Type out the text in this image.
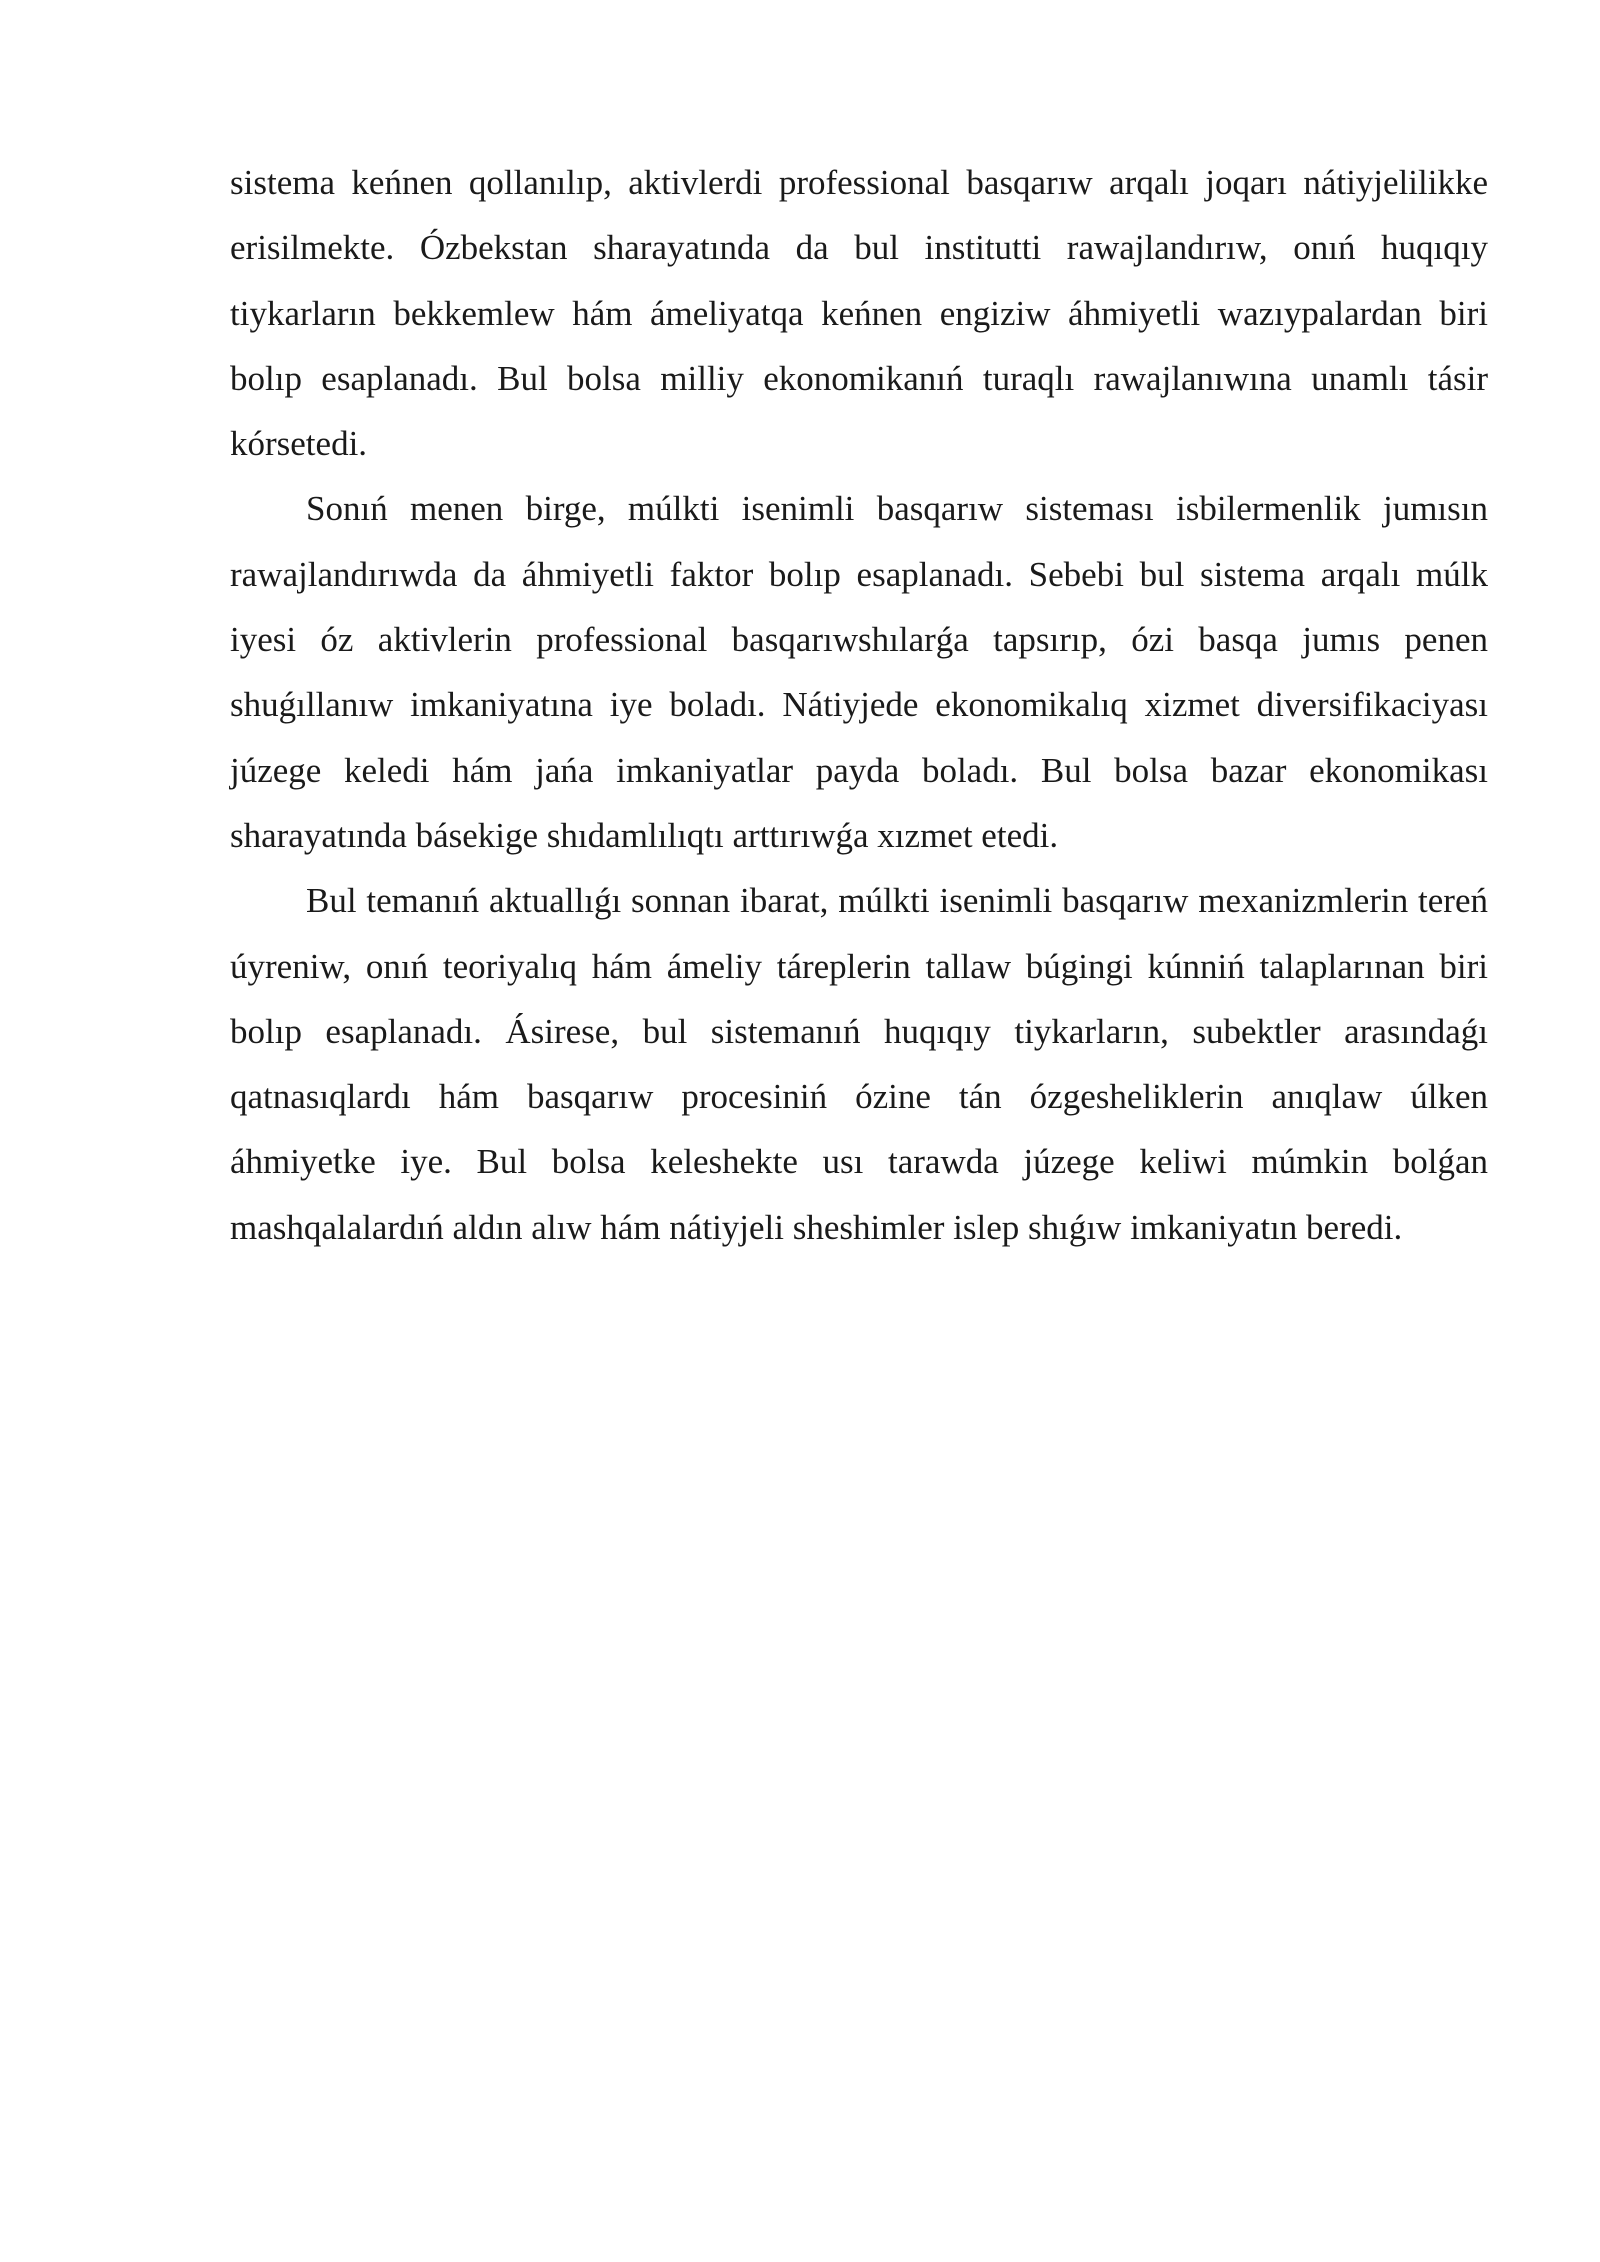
sistema keńnen qollanılıp, aktivlerdi professional basqarıw arqalı joqarı nátiyjelilikke erisilmekte. Ózbekstan sharayatında da bul institutti rawajlandırıw, onıń huqıqıy tiykarların bekkemlew hám ámeliyatqa keńnen engiziw áhmiyetli wazıypalardan biri bolıp esaplanadı. Bul bolsa milliy ekonomikanıń turaqlı rawajlanıwına unamlı tásir kórsetedi.

Sonıń menen birge, múlkti isenimli basqarıw sisteması isbilermenlik jumısın rawajlandırıwda da áhmiyetli faktor bolıp esaplanadı. Sebebi bul sistema arqalı múlk iyesi óz aktivlerin professional basqarıwshılarǵa tapsırıp, ózi basqa jumıs penen shuǵıllanıw imkaniyatına iye boladı. Nátiyjede ekonomikalıq xizmet diversifikaciyası júzege keledi hám jańa imkaniyatlar payda boladı. Bul bolsa bazar ekonomikası sharayatında básekige shıdamlılıqtı arttırıwǵa xızmet etedi.

Bul temanıń aktuallıǵı sonnan ibarat, múlkti isenimli basqarıw mexanizmlerin tereń úyreniw, onıń teoriyalıq hám ámeliy táreplerin tallaw búgingi kúnniń talaplarınan biri bolıp esaplanadı. Ásirese, bul sistemanıń huqıqıy tiykarların, subektler arasındaǵı qatnasıqlardı hám basqarıw procesiniń ózine tán ózgesheliklerin anıqlaw úlken áhmiyetke iye. Bul bolsa keleshekte usı tarawda júzege keliwi múmkin bolǵan mashqalalardıń aldın alıw hám nátiyjeli sheshimler islep shıǵıw imkaniyatın beredi.
